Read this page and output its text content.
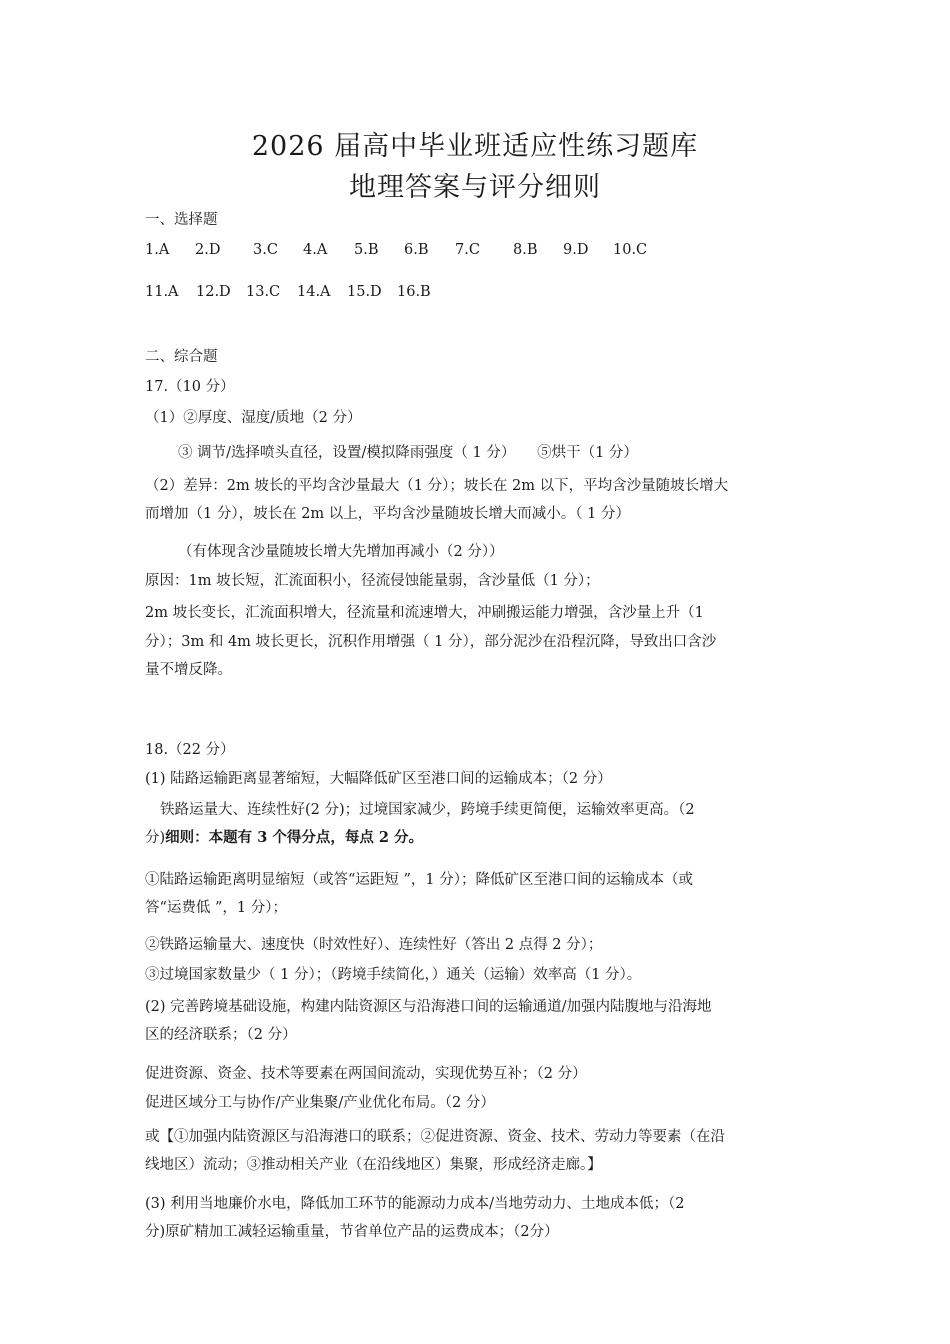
2026 届高中毕业班适应性练习题库
地理答案与评分细则
一、选择题
1.A 2.D 3.C 4.A 5.B 6.B 7.C 8.B 9.D 10.C
11.A 12.D 13.C 14.A 15.D 16.B
二、综合题
17.（10 分）
（1）②厚度、湿度/质地（2 分）
③ 调节/选择喷头直径，设置/模拟降雨强度（ 1 分）　　⑤烘干（1 分）
（2）差异：2m 坡长的平均含沙量最大（1 分）；坡长在 2m 以下，平均含沙量随坡长增大
而增加（1 分），坡长在 2m 以上，平均含沙量随坡长增大而减小。（ 1 分）
（有体现含沙量随坡长增大先增加再减小（2 分））
原因：1m 坡长短，汇流面积小，径流侵蚀能量弱，含沙量低（1 分）；
2m 坡长变长，汇流面积增大，径流量和流速增大，冲刷搬运能力增强，含沙量上升（1
分）；3m 和 4m 坡长更长，沉积作用增强（ 1 分），部分泥沙在沿程沉降，导致出口含沙
量不增反降。
18.（22 分）
(1) 陆路运输距离显著缩短，大幅降低矿区至港口间的运输成本；（2 分）
铁路运量大、连续性好(2 分)；过境国家减少，跨境手续更简便，运输效率更高。（2
分)细则：本题有 3 个得分点，每点 2 分。
①陆路运输距离明显缩短（或答“运距短 ”，1 分）；降低矿区至港口间的运输成本（或
答“运费低 ”，1 分）；
②铁路运输量大、速度快（时效性好）、连续性好（答出 2 点得 2 分）；
③过境国家数量少（ 1 分）；（跨境手续简化，）通关（运输）效率高（1 分）。
(2) 完善跨境基础设施，构建内陆资源区与沿海港口间的运输通道/加强内陆腹地与沿海地
区的经济联系；（2 分）
促进资源、资金、技术等要素在两国间流动，实现优势互补；（2 分）
促进区域分工与协作/产业集聚/产业优化布局。（2 分）
或【①加强内陆资源区与沿海港口的联系；②促进资源、资金、技术、劳动力等要素（在沿
线地区）流动；③推动相关产业（在沿线地区）集聚，形成经济走廊。】
(3) 利用当地廉价水电，降低加工环节的能源动力成本/当地劳动力、土地成本低；（2
分)原矿精加工减轻运输重量，节省单位产品的运费成本；（2分）
